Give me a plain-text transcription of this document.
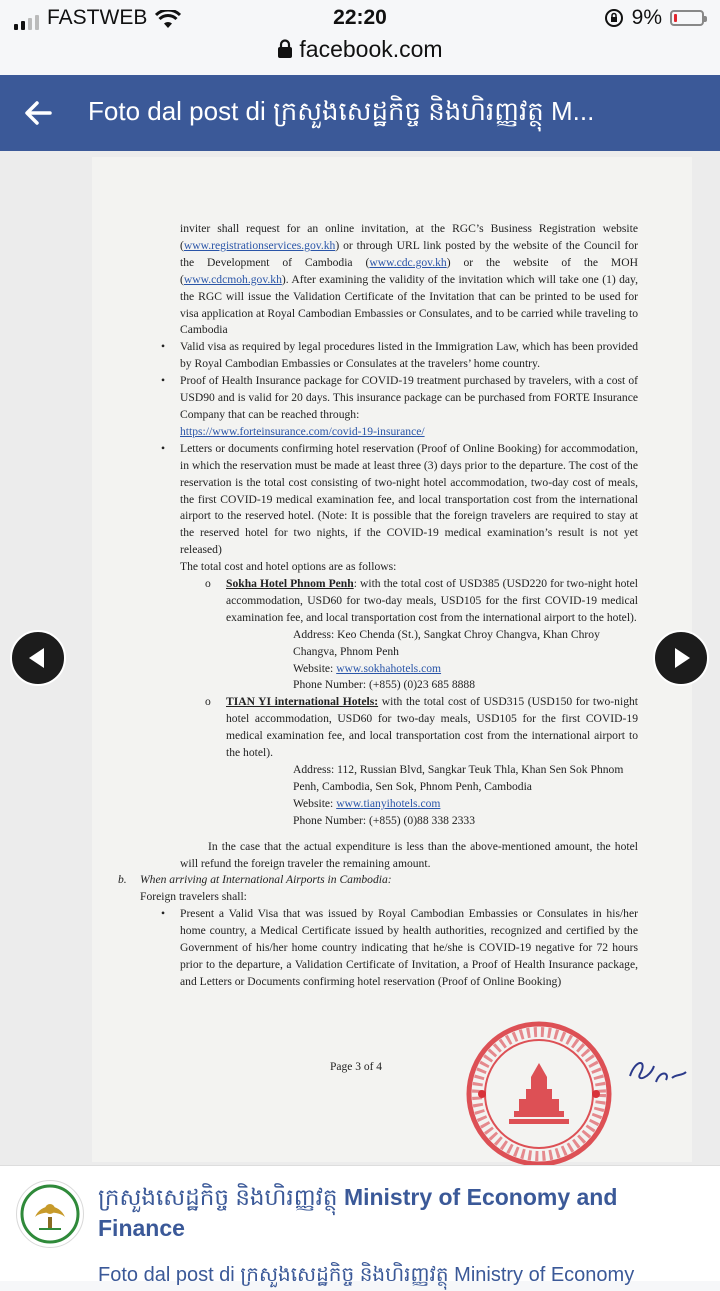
FASTWEB	22:20	9%
facebook.com
Foto dal post di ក្រសួងសេដ្ឋកិច្ច និងហិរញ្ញវត្ថុ M...

inviter shall request for an online invitation, at the RGC’s Business Registration website (www.registrationservices.gov.kh) or through URL link posted by the website of the Council for the Development of Cambodia (www.cdc.gov.kh) or the website of the MOH (www.cdcmoh.gov.kh). After examining the validity of the invitation which will take one (1) day, the RGC will issue the Validation Certificate of the Invitation that can be printed to be used for visa application at Royal Cambodian Embassies or Consulates, and to be carried while traveling to Cambodia

• Valid visa as required by legal procedures listed in the Immigration Law, which has been provided by Royal Cambodian Embassies or Consulates at the travelers’ home country.
• Proof of Health Insurance package for COVID-19 treatment purchased by travelers, with a cost of USD90 and is valid for 20 days. This insurance package can be purchased from FORTE Insurance Company that can be reached through:
https://www.forteinsurance.com/covid-19-insurance/
• Letters or documents confirming hotel reservation (Proof of Online Booking) for accommodation, in which the reservation must be made at least three (3) days prior to the departure. The cost of the reservation is the total cost consisting of two-night hotel accommodation, two-day cost of meals, the first COVID-19 medical examination fee, and local transportation cost from the international airport to the reserved hotel. (Note: It is possible that the foreign travelers are required to stay at the reserved hotel for two nights, if the COVID-19 medical examination’s result is not yet released)
The total cost and hotel options are as follows:
o Sokha Hotel Phnom Penh: with the total cost of USD385 (USD220 for two-night hotel accommodation, USD60 for two-day meals, USD105 for the first COVID-19 medical examination fee, and local transportation cost from the international airport to the hotel).
Address: Keo Chenda (St.), Sangkat Chroy Changva, Khan Chroy Changva, Phnom Penh
Website: www.sokhahotels.com
Phone Number: (+855) (0)23 685 8888
o TIAN YI international Hotels: with the total cost of USD315 (USD150 for two-night hotel accommodation, USD60 for two-day meals, USD105 for the first COVID-19 medical examination fee, and local transportation cost from the international airport to the hotel).
Address: 112, Russian Blvd, Sangkar Teuk Thla, Khan Sen Sok Phnom Penh, Cambodia, Sen Sok, Phnom Penh, Cambodia
Website: www.tianyihotels.com
Phone Number: (+855) (0)88 338 2333

In the case that the actual expenditure is less than the above-mentioned amount, the hotel will refund the foreign traveler the remaining amount.

b. When arriving at International Airports in Cambodia:
Foreign travelers shall:
• Present a Valid Visa that was issued by Royal Cambodian Embassies or Consulates in his/her home country, a Medical Certificate issued by health authorities, recognized and certified by the Government of his/her home country indicating that he/she is COVID-19 negative for 72 hours prior to the departure, a Validation Certificate of Invitation, a Proof of Health Insurance package, and Letters or Documents confirming hotel reservation (Proof of Online Booking)
Page 3 of 4
ក្រសួងសេដ្ឋកិច្ច និងហិរញ្ញវត្ថុ Ministry of Economy and Finance
Foto dal post di ក្រសួងសេដ្ឋកិច្ច និងហិរញ្ញវត្ថុ Ministry of Economy
